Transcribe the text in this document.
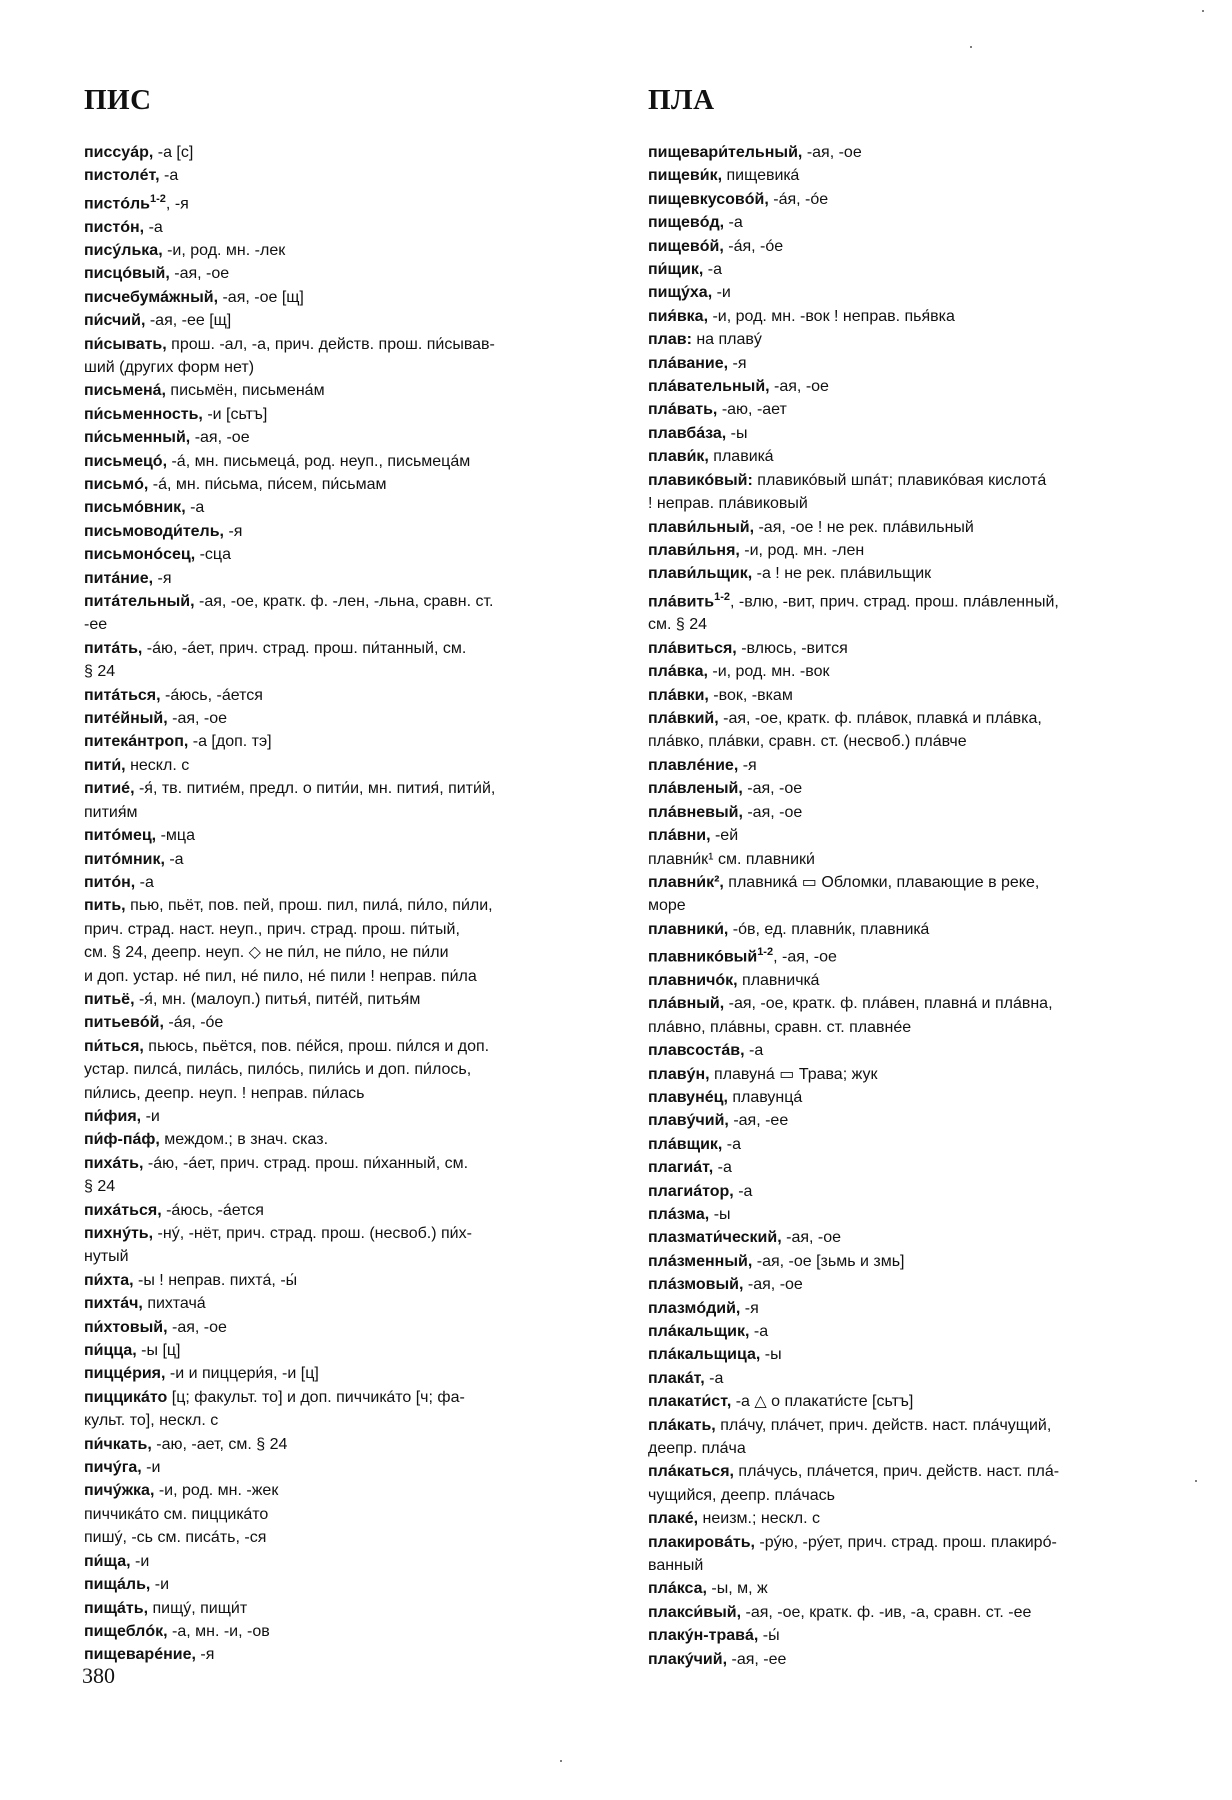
ПИС	ПЛА
писсуáр, -а [с]
пистолéт, -а
пистóль$^{1-2}$, -я
пистóн, -а
писýлька, -и, род. мн. -лек
писцóвый, -ая, -ое
писчебумáжный, -ая, -ое [щ]
пи́счий, -ая, -ее [щ]
пи́сывать, прош. -ал, -а, прич. действ. прош. пи́сывав-
ший (других форм нет)
письменá, письмён, письменáм
пи́сьменность, -и [сьтъ]
пи́сьменный, -ая, -ое
письмецó, -á, мн. письмецá, род. неуп., письмецáм
письмó, -á, мн. пи́сьма, пи́сем, пи́сьмам
письмóвник, -а
письмоводи́тель, -я
письмонóсец, -сца
питáние, -я
питáтельный, -ая, -ое, кратк. ф. -лен, -льна, сравн. ст.
-ее
питáть, -áю, -áет, прич. страд. прош. пи́танный, см.
§ 24
питáться, -áюсь, -áется
питéйный, -ая, -ое
питекáнтроп, -а [доп. тэ]
пити́, нескл. с
питиé, -я́, тв. питиéм, предл. о пити́и, мн. пития́, пити́й,
пития́м
питóмец, -мца
питóмник, -а
питóн, -а
пить, пью, пьёт, пов. пей, прош. пил, пилá, пи́ло, пи́ли,
прич. страд. наст. неуп., прич. страд. прош. пи́тый,
см. § 24, деепр. неуп. ◇ не пи́л, не пи́ло, не пи́ли
и доп. устар. нé пил, нé пило, нé пили ! неправ. пи́ла
питьё, -я́, мн. (малоуп.) питья́, питéй, питья́м
питьевóй, -áя, -óе
пи́ться, пьюсь, пьётся, пов. пéйся, прош. пи́лся и доп.
устар. пилсá, пилáсь, пилóсь, пили́сь и доп. пи́лось,
пи́лись, деепр. неуп. ! неправ. пи́лась
пи́фия, -и
пи́ф-пáф, междом.; в знач. сказ.
пихáть, -áю, -áет, прич. страд. прош. пи́ханный, см.
§ 24
пихáться, -áюсь, -áется
пихнýть, -нý, -нёт, прич. страд. прош. (несвоб.) пи́х-
нутый
пи́хта, -ы ! неправ. пихтá, -ы́
пихтáч, пихтачá
пи́хтовый, -ая, -ое
пи́цца, -ы [ц]
пиццéрия, -и и пиццери́я, -и [ц]
пиццикáто [ц; факульт. то] и доп. пиччикáто [ч; фа-
культ. то], нескл. с
пи́чкать, -аю, -ает, см. § 24
пичýга, -и
пичýжка, -и, род. мн. -жек
пиччикáто см. пиццикáто
пишý, -сь см. писáть, -ся
пи́ща, -и
пищáль, -и
пищáть, пищý, пищи́т
пищеблóк, -а, мн. -и, -ов
пищеварéние, -я
пищевари́тельный, -ая, -ое
пищеви́к, пищевикá
пищевкусовóй, -áя, -óе
пищевóд, -а
пищевóй, -áя, -óе
пи́щик, -а
пищýха, -и
пия́вка, -и, род. мн. -вок ! неправ. пья́вка
плав: на плавý
плáвание, -я
плáвательный, -ая, -ое
плáвать, -аю, -ает
плавбáза, -ы
плави́к, плавикá
плавикóвый: плавикóвый шпáт; плавикóвая кислотá
! неправ. плáвиковый
плави́льный, -ая, -ое ! не рек. плáвильный
плави́льня, -и, род. мн. -лен
плави́льщик, -а ! не рек. плáвильщик
плáвить$^{1-2}$, -влю, -вит, прич. страд. прош. плáвленный,
см. § 24
плáвиться, -влюсь, -вится
плáвка, -и, род. мн. -вок
плáвки, -вок, -вкам
плáвкий, -ая, -ое, кратк. ф. плáвок, плавкá и плáвка,
плáвко, плáвки, сравн. ст. (несвоб.) плáвче
плавлéние, -я
плáвленый, -ая, -ое
плáвневый, -ая, -ое
плáвни, -ей
плавни́к¹ см. плавники́
плавни́к², плавникá ▭ Обломки, плавающие в реке,
море
плавники́, -óв, ед. плавни́к, плавникá
плавникóвый$^{1-2}$, -ая, -ое
плавничóк, плавничкá
плáвный, -ая, -ое, кратк. ф. плáвен, плавнá и плáвна,
плáвно, плáвны, сравн. ст. плавнéе
плавсостáв, -а
плавýн, плавунá ▭ Трава; жук
плавунéц, плавунцá
плавýчий, -ая, -ее
плáвщик, -а
плагиáт, -а
плагиáтор, -а
плáзма, -ы
плазмати́ческий, -ая, -ое
плáзменный, -ая, -ое [зьмь и змь]
плáзмовый, -ая, -ое
плазмóдий, -я
плáкальщик, -а
плáкальщица, -ы
плакáт, -а
плакати́ст, -а △ о плакати́сте [сьтъ]
плáкать, плáчу, плáчет, прич. действ. наст. плáчущий,
деепр. плáча
плáкаться, плáчусь, плáчется, прич. действ. наст. плá-
чущийся, деепр. плáчась
плакé, неизм.; нескл. с
плакировáть, -рýю, -рýет, прич. страд. прош. плакирó-
ванный
плáкса, -ы, м, ж
плакси́вый, -ая, -ое, кратк. ф. -ив, -а, сравн. ст. -ее
плакýн-травá, -ы́
плакýчий, -ая, -ее
380
